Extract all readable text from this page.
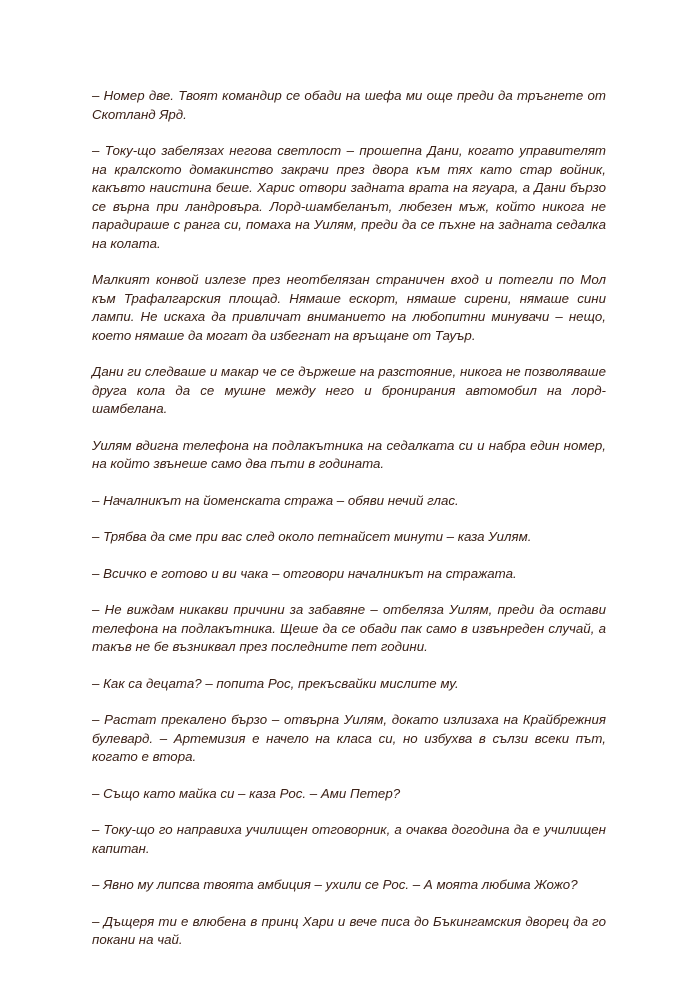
– Номер две. Твоят командир се обади на шефа ми още преди да тръгнете от Скотланд Ярд.

– Току-що забелязах негова светлост – прошепна Дани, когато управителят на кралското домакинство закрачи през двора към тях като стар войник, какъвто наистина беше. Харис отвори задната врата на ягуара, а Дани бързо се върна при ландровъра. Лорд-шамбеланът, любезен мъж, който никога не парадираше с ранга си, помаха на Уилям, преди да се пъхне на задната седалка на колата.

Малкият конвой излезе през неотбелязан страничен вход и потегли по Мол към Трафалгарския площад. Нямаше ескорт, нямаше сирени, нямаше сини лампи. Не искаха да привличат вниманието на любопитни минувачи – нещо, което нямаше да могат да избегнат на връщане от Тауър.

Дани ги следваше и макар че се държеше на разстояние, никога не позволяваше друга кола да се мушне между него и бронирания автомобил на лорд-шамбелана.

Уилям вдигна телефона на подлакътника на седалката си и набра един номер, на който звънеше само два пъти в годината.

– Началникът на йоменската стража – обяви нечий глас.

– Трябва да сме при вас след около петнайсет минути – каза Уилям.

– Всичко е готово и ви чака – отговори началникът на стражата.

– Не виждам никакви причини за забавяне – отбеляза Уилям, преди да остави телефона на подлакътника. Щеше да се обади пак само в извънреден случай, а такъв не бе възниквал през последните пет години.

– Как са децата? – попита Рос, прекъсвайки мислите му.

– Растат прекалено бързо – отвърна Уилям, докато излизаха на Крайбрежния булевард. – Артемизия е начело на класа си, но избухва в сълзи всеки път, когато е втора.

– Също като майка си – каза Рос. – Ами Петер?

– Току-що го направиха училищен отговорник, а очаква догодина да е училищен капитан.

– Явно му липсва твоята амбиция – ухили се Рос. – А моята любима Жожо?

– Дъщеря ти е влюбена в принц Хари и вече писа до Бъкингамския дворец да го покани на чай.
